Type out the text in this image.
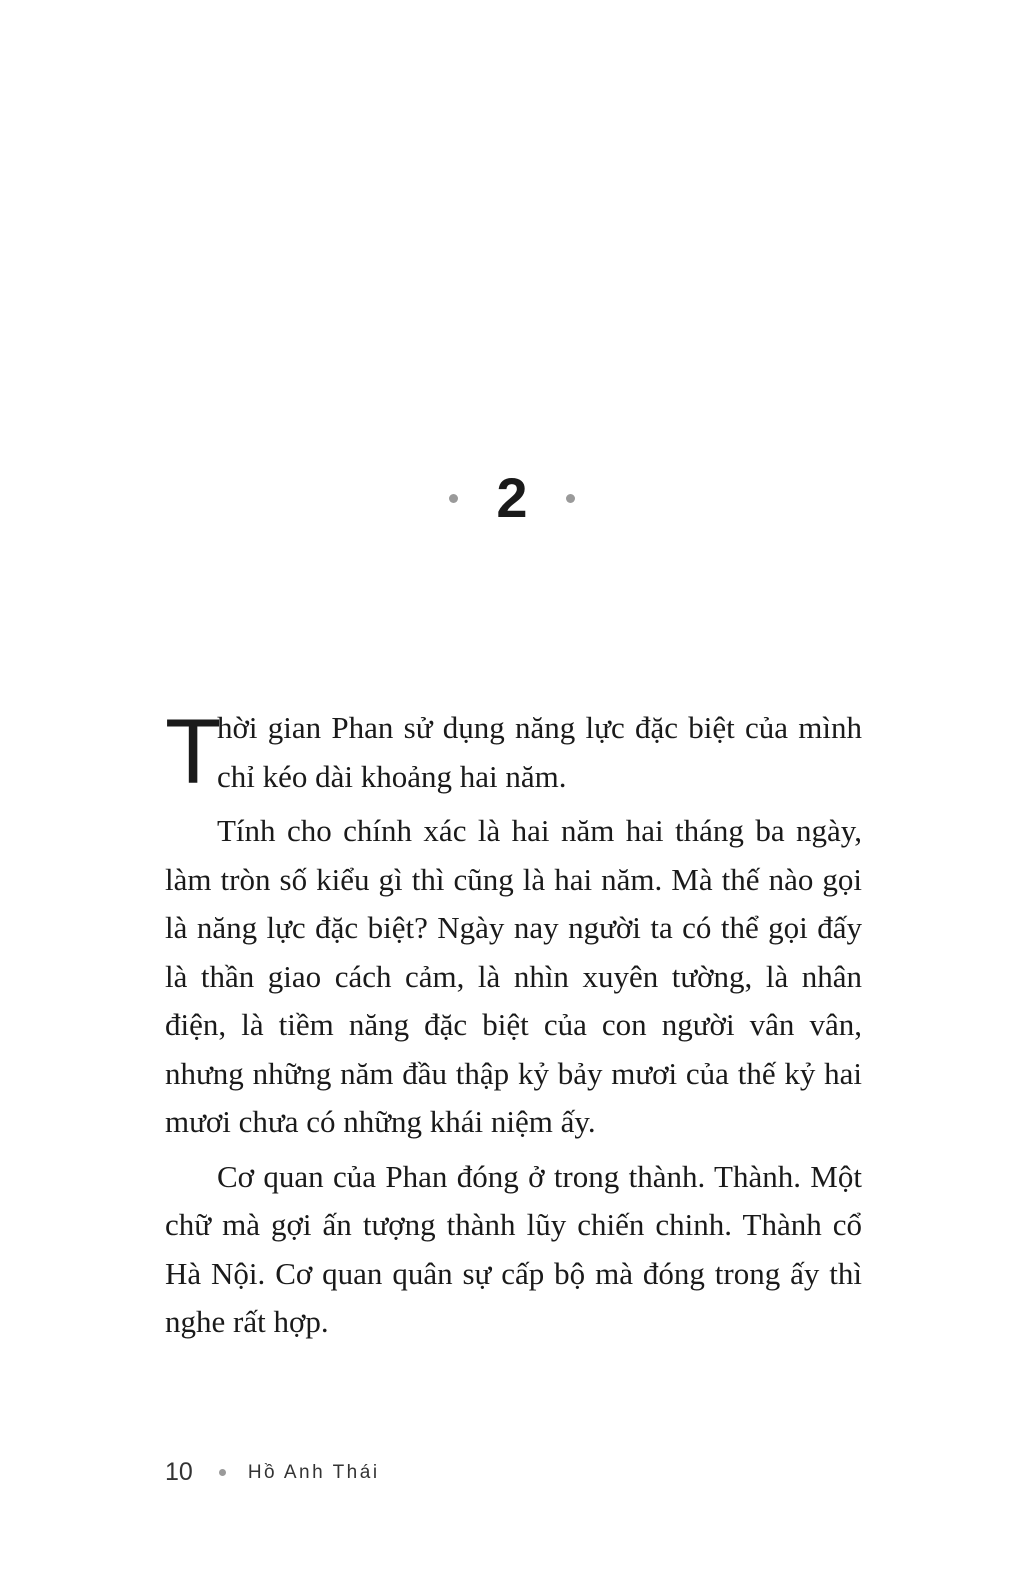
2

T
hời gian Phan sử dụng năng lực đặc biệt của mình chỉ kéo dài khoảng hai năm.

Tính cho chính xác là hai năm hai tháng ba ngày, làm tròn số kiểu gì thì cũng là hai năm. Mà thế nào gọi là năng lực đặc biệt? Ngày nay người ta có thể gọi đấy là thần giao cách cảm, là nhìn xuyên tường, là nhân điện, là tiềm năng đặc biệt của con người vân vân, nhưng những năm đầu thập kỷ bảy mươi của thế kỷ hai mươi chưa có những khái niệm ấy.

Cơ quan của Phan đóng ở trong thành. Thành. Một chữ mà gợi ấn tượng thành lũy chiến chinh. Thành cổ Hà Nội. Cơ quan quân sự cấp bộ mà đóng trong ấy thì nghe rất hợp.

10	Hồ Anh Thái
